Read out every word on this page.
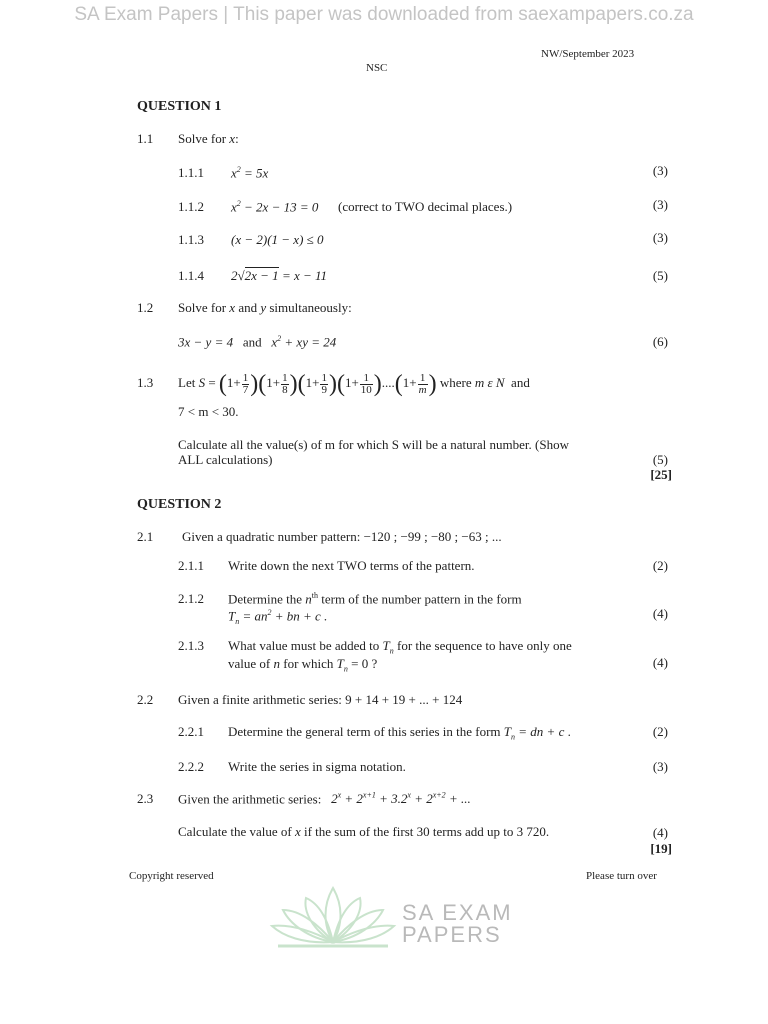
SA Exam Papers | This paper was downloaded from saexampapers.co.za
NW/September 2023
NSC
QUESTION 1
1.1 Solve for x:
1.1.1 $x^2 = 5x$	(3)
1.1.2 $x^2 - 2x - 13 = 0$ (correct to TWO decimal places.)	(3)
1.1.3 (x − 2)(1 − x) ≤ 0	(3)
1.1.4 2√2x − 1 = x − 11	(5)
1.2 Solve for x and y simultaneously:
3x − y = 4   and   $x^2$ + xy = 24	(6)
1.3 Let $S = (1+ \frac{1}{7} )(1+ \frac{1}{8} )(1+ \frac{1}{9} )(1+ \frac{1}{10} )....(1+ \frac{1}{m}$ ) where m ε N  and
7 < m < 30.
Calculate all the value(s) of m for which S will be a natural number. (Show
ALL calculations)	(5)
[25]
QUESTION 2
2.1 Given a quadratic number pattern: −120 ; −99 ; −80 ; −63 ; ...
2.1.1 Write down the next TWO terms of the pattern.	(2)
2.1.2 Determine the $n^{th}$ term of the number pattern in the form
$T_n = an^2$ + bn + c .	(4)
2.1.3 What value must be added to $T_n$ for the sequence to have only one
value of n for which $T_n = 0$ ?	(4)
2.2 Given a finite arithmetic series: 9 + 14 + 19 + ... + 124
2.2.1 Determine the general term of this series in the form $T_n$ = dn + c .	(2)
2.2.2 Write the series in sigma notation.	(3)
2.3 Given the arithmetic series:   $2^x + 2^{x+1} + 3.2^x + 2^{x+2}$ + ...
Calculate the value of x if the sum of the first 30 terms add up to 3 720.	(4)
[19]
Copyright reserved	Please turn over
SA EXAM
PAPERS
